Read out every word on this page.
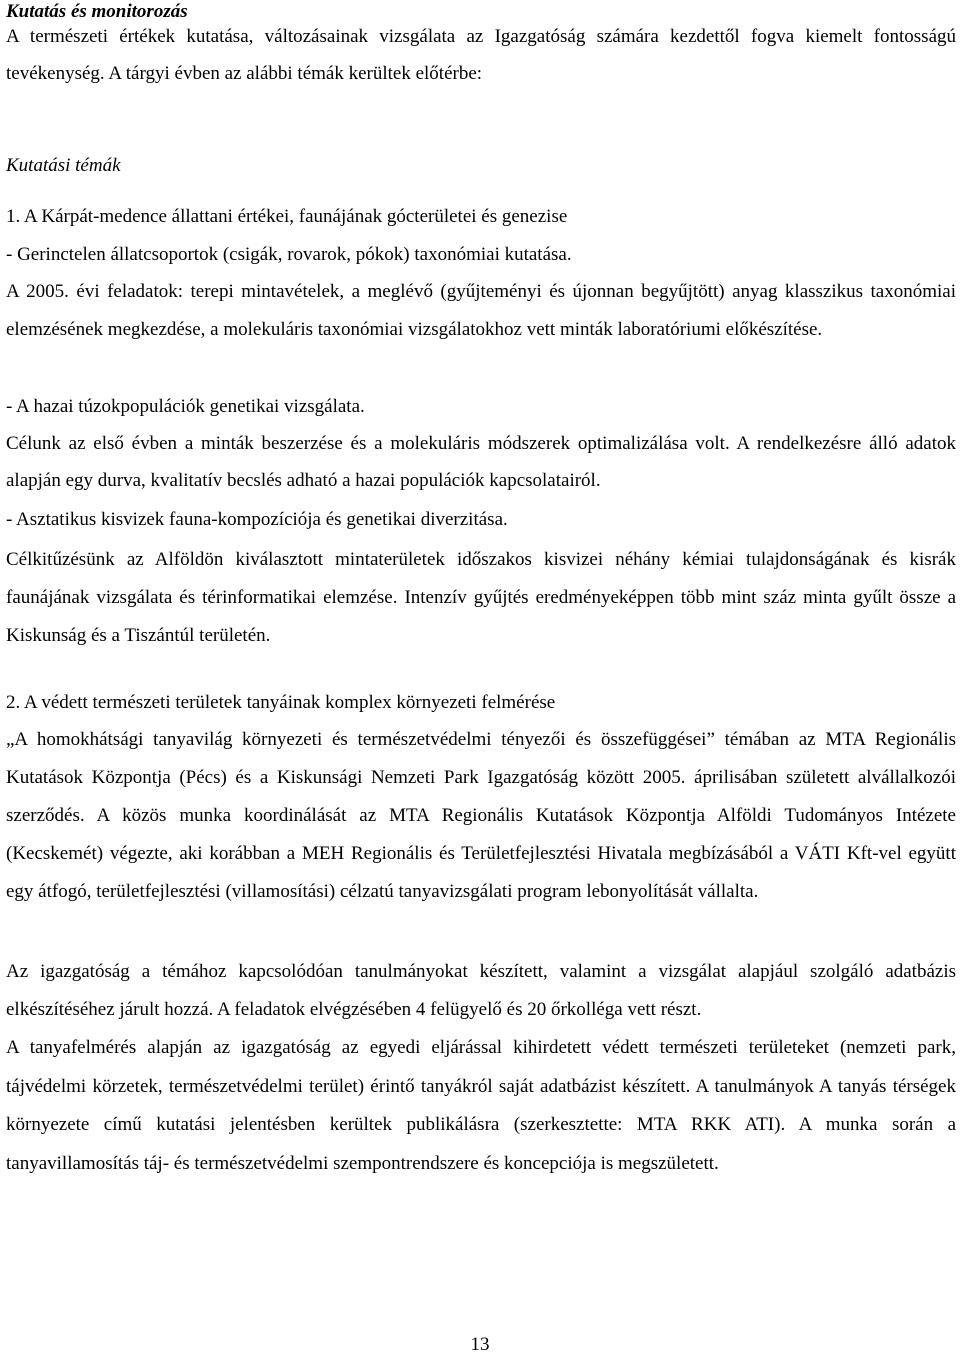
Kutatás és monitorozás

A természeti értékek kutatása, változásainak vizsgálata az Igazgatóság számára kezdettől fogva kiemelt fontosságú tevékenység. A tárgyi évben az alábbi témák kerültek előtérbe:

Kutatási témák

1. A Kárpát-medence állattani értékei, faunájának gócterületei és genezise

- Gerinctelen állatcsoportok (csigák, rovarok, pókok) taxonómiai kutatása.

A 2005. évi feladatok: terepi mintavételek, a meglévő (gyűjteményi és újonnan begyűjtött) anyag klasszikus taxonómiai elemzésének megkezdése, a molekuláris taxonómiai vizsgálatokhoz vett minták laboratóriumi előkészítése.

- A hazai túzokpopulációk genetikai vizsgálata.

Célunk az első évben a minták beszerzése és a molekuláris módszerek optimalizálása volt. A rendelkezésre álló adatok alapján egy durva, kvalitatív becslés adható a hazai populációk kapcsolatairól.

- Asztatikus kisvizek fauna-kompozíciója és genetikai diverzitása.

Célkitűzésünk az Alföldön kiválasztott mintaterületek időszakos kisvizei néhány kémiai tulajdonságának és kisrák faunájának vizsgálata és térinformatikai elemzése. Intenzív gyűjtés eredményeképpen több mint száz minta gyűlt össze a Kiskunság és a Tiszántúl területén.

2. A védett természeti területek tanyáinak komplex környezeti felmérése

„A homokhátsági tanyavilág környezeti és természetvédelmi tényezői és összefüggései” témában az MTA Regionális Kutatások Központja (Pécs) és a Kiskunsági Nemzeti Park Igazgatóság között 2005. áprilisában született alvállalkozói szerződés. A közös munka koordinálását az MTA Regionális Kutatások Központja Alföldi Tudományos Intézete (Kecskemét) végezte, aki korábban a MEH Regionális és Területfejlesztési Hivatala megbízásából a VÁTI Kft-vel együtt egy átfogó, területfejlesztési (villamosítási) célzatú tanyavizsgálati program lebonyolítását vállalta.

Az igazgatóság a témához kapcsolódóan tanulmányokat készített, valamint a vizsgálat alapjául szolgáló adatbázis elkészítéséhez járult hozzá. A feladatok elvégzésében 4 felügyelő és 20 őrkolléga vett részt.

A tanyafelmérés alapján az igazgatóság az egyedi eljárással kihirdetett védett természeti területeket (nemzeti park, tájvédelmi körzetek, természetvédelmi terület) érintő tanyákról saját adatbázist készített. A tanulmányok A tanyás térségek környezete című kutatási jelentésben kerültek publikálásra (szerkesztette: MTA RKK ATI). A munka során a tanyavillamosítás táj- és természetvédelmi szempontrendszere és koncepciója is megszületett.

13
